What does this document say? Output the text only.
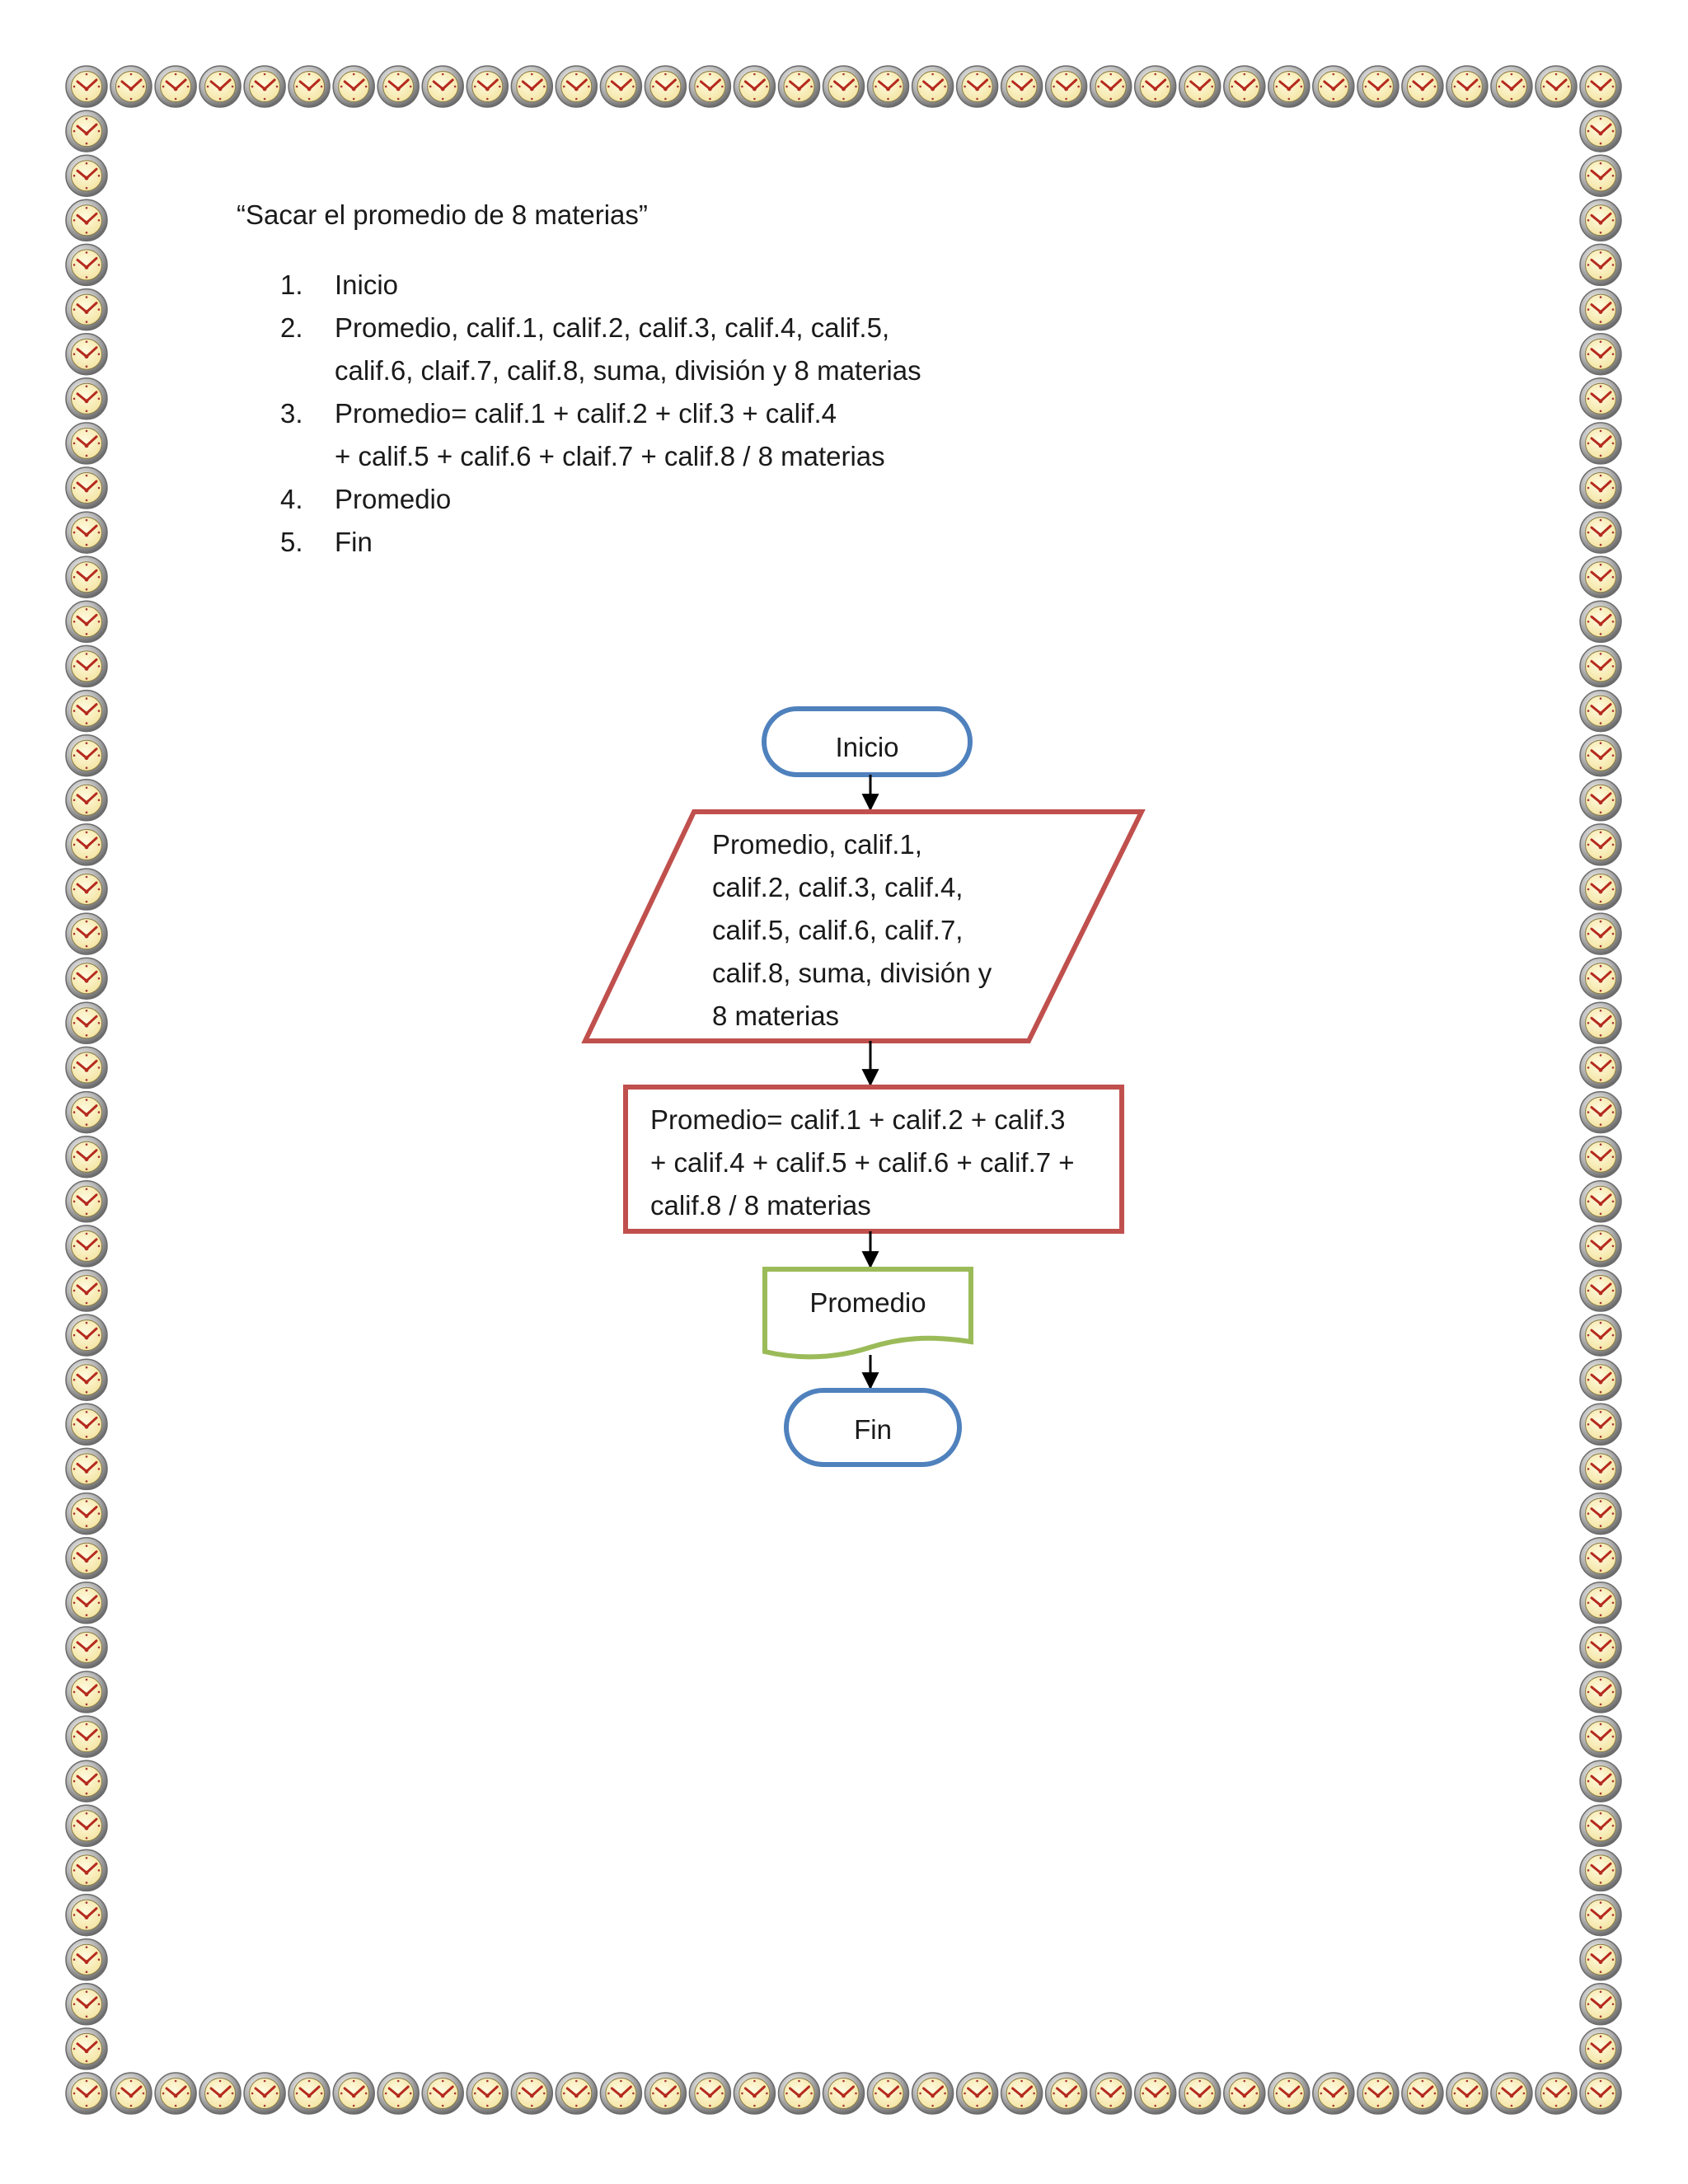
“Sacar el promedio de 8 materias”
1.	Inicio
2.	Promedio, calif.1, calif.2, calif.3, calif.4, calif.5,
calif.6, claif.7, calif.8, suma, división y 8 materias
3.	Promedio= calif.1 + calif.2 + clif.3 + calif.4
+ calif.5 + calif.6 + claif.7 + calif.8 / 8 materias
4.	Promedio
5.	Fin
Inicio
Promedio, calif.1, calif.2, calif.3, calif.4, calif.5, calif.6, calif.7, calif.8, suma, división y 8 materias
Promedio= calif.1 + calif.2 + calif.3 + calif.4 + calif.5 + calif.6 + calif.7 + calif.8 / 8 materias
Promedio
Fin
